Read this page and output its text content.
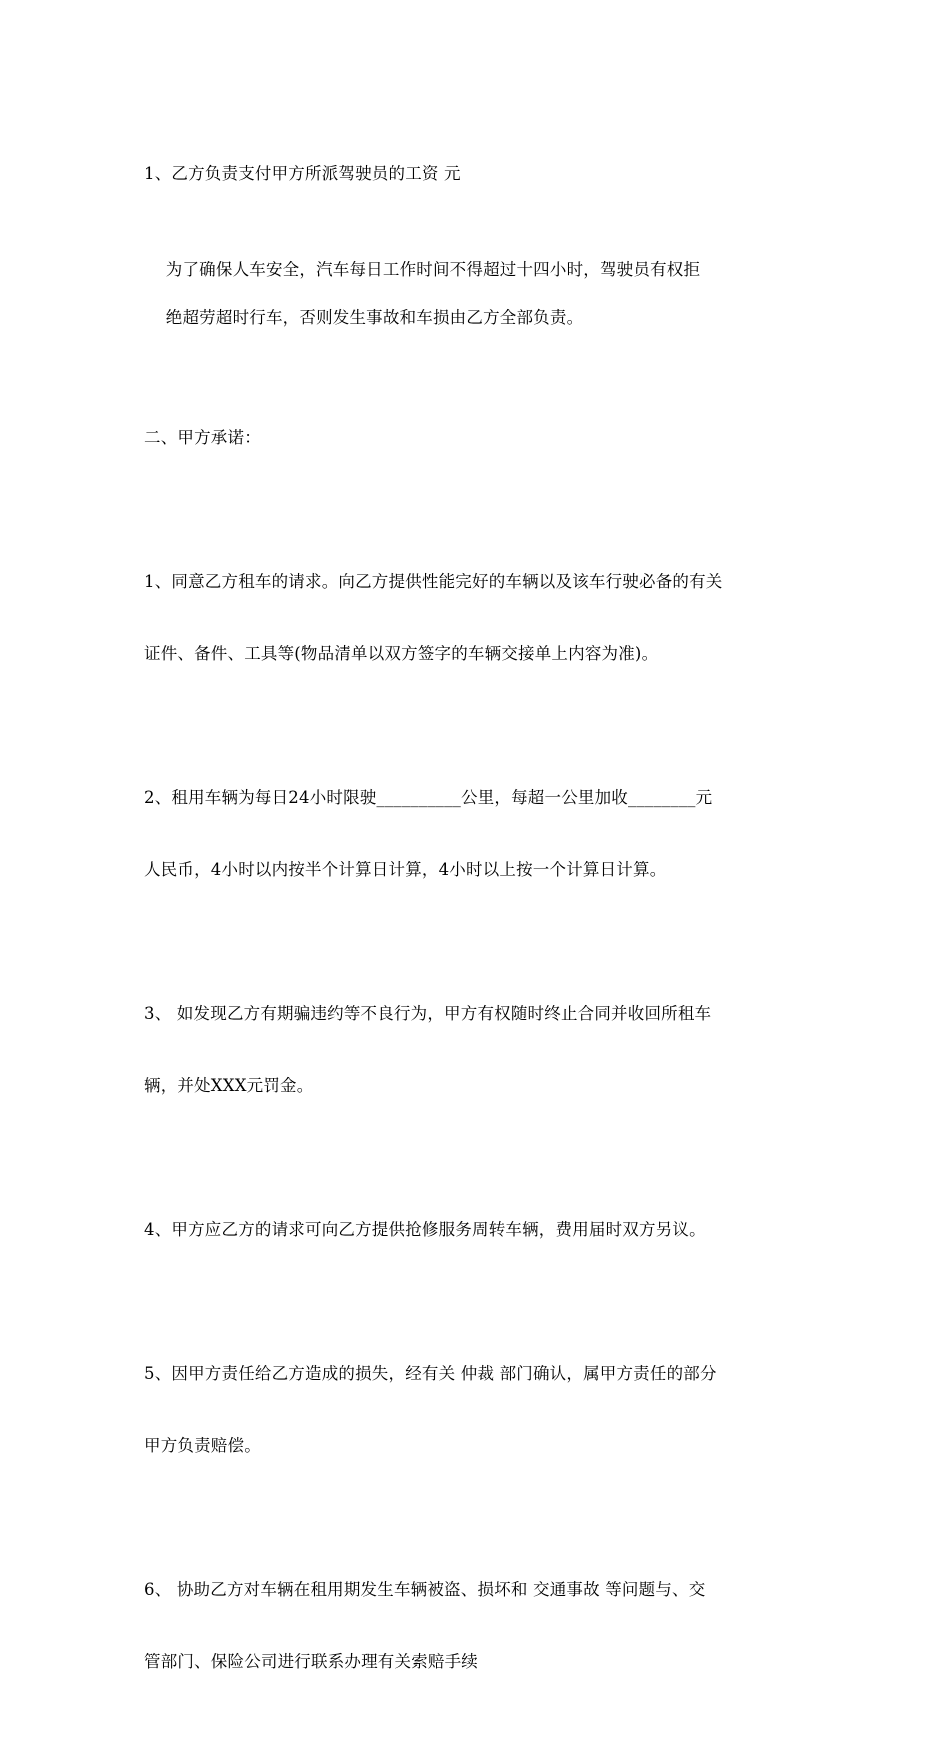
1、乙方负责支付甲方所派驾驶员的工资 元

为了确保人车安全，汽车每日工作时间不得超过十四小时，驾驶员有权拒

绝超劳超时行车，否则发生事故和车损由乙方全部负责。

二、甲方承诺：

1、同意乙方租车的请求。向乙方提供性能完好的车辆以及该车行驶必备的有关

证件、备件、工具等(物品清单以双方签字的车辆交接单上内容为准)。

2、租用车辆为每日24小时限驶__________公里，每超一公里加收________元

人民币，4小时以内按半个计算日计算，4小时以上按一个计算日计算。

3、 如发现乙方有期骗违约等不良行为，甲方有权随时终止合同并收回所租车

辆，并处XXX元罚金。

4、甲方应乙方的请求可向乙方提供抢修服务周转车辆，费用届时双方另议。

5、因甲方责任给乙方造成的损失，经有关 仲裁 部门确认，属甲方责任的部分

甲方负责赔偿。

6、 协助乙方对车辆在租用期发生车辆被盗、损坏和 交通事故 等问题与、交

管部门、保险公司进行联系办理有关索赔手续
